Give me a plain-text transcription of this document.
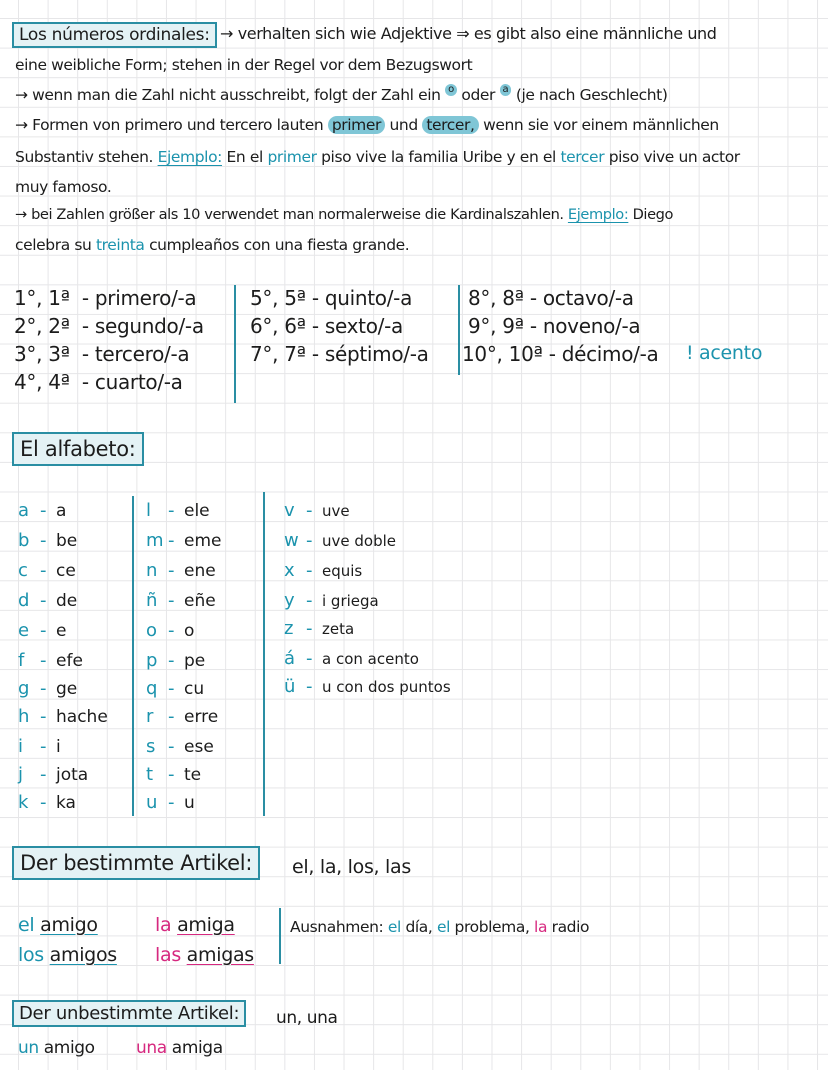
Los números ordinales: → verhalten sich wie Adjektive ⇒ es gibt also eine männliche und
eine weibliche Form; stehen in der Regel vor dem Bezugswort
→ wenn man die Zahl nicht ausschreibt, folgt der Zahl ein o oder a (je nach Geschlecht)
→ Formen von primero und tercero lauten primer und tercer, wenn sie vor einem männlichen
Substantiv stehen. Ejemplo: En el primer piso vive la familia Uribe y en el tercer piso vive un actor
muy famoso.
→ bei Zahlen größer als 10 verwendet man normalerweise die Kardinalszahlen. Ejemplo: Diego
celebra su treinta cumpleaños con una fiesta grande.
1°, 1ª  - primero/-a
2°, 2ª  - segundo/-a
3°, 3ª  - tercero/-a
4°, 4ª  - cuarto/-a
5°, 5ª - quinto/-a
6°, 6ª - sexto/-a
7°, 7ª - séptimo/-a
8°, 8ª - octavo/-a
9°, 9ª - noveno/-a
10°, 10ª - décimo/-a ! acento
El alfabeto:
a - a
b - be
c - ce
d - de
e - e
f - efe
g - ge
h - hache
i - i
j - jota
k - ka
l - ele
m - eme
n - ene
ñ - eñe
o - o
p - pe
q - cu
r - erre
s - ese
t - te
u - u
v - uve
w - uve doble
x - equis
y - i griega
z - zeta
á - a con acento
ü - u con dos puntos
Der bestimmte Artikel:	el, la, los, las
el amigo	la amiga
los amigos las amigas
Ausnahmen: el día, el problema, la radio
Der unbestimmte Artikel:	un, una
un amigo una amiga
